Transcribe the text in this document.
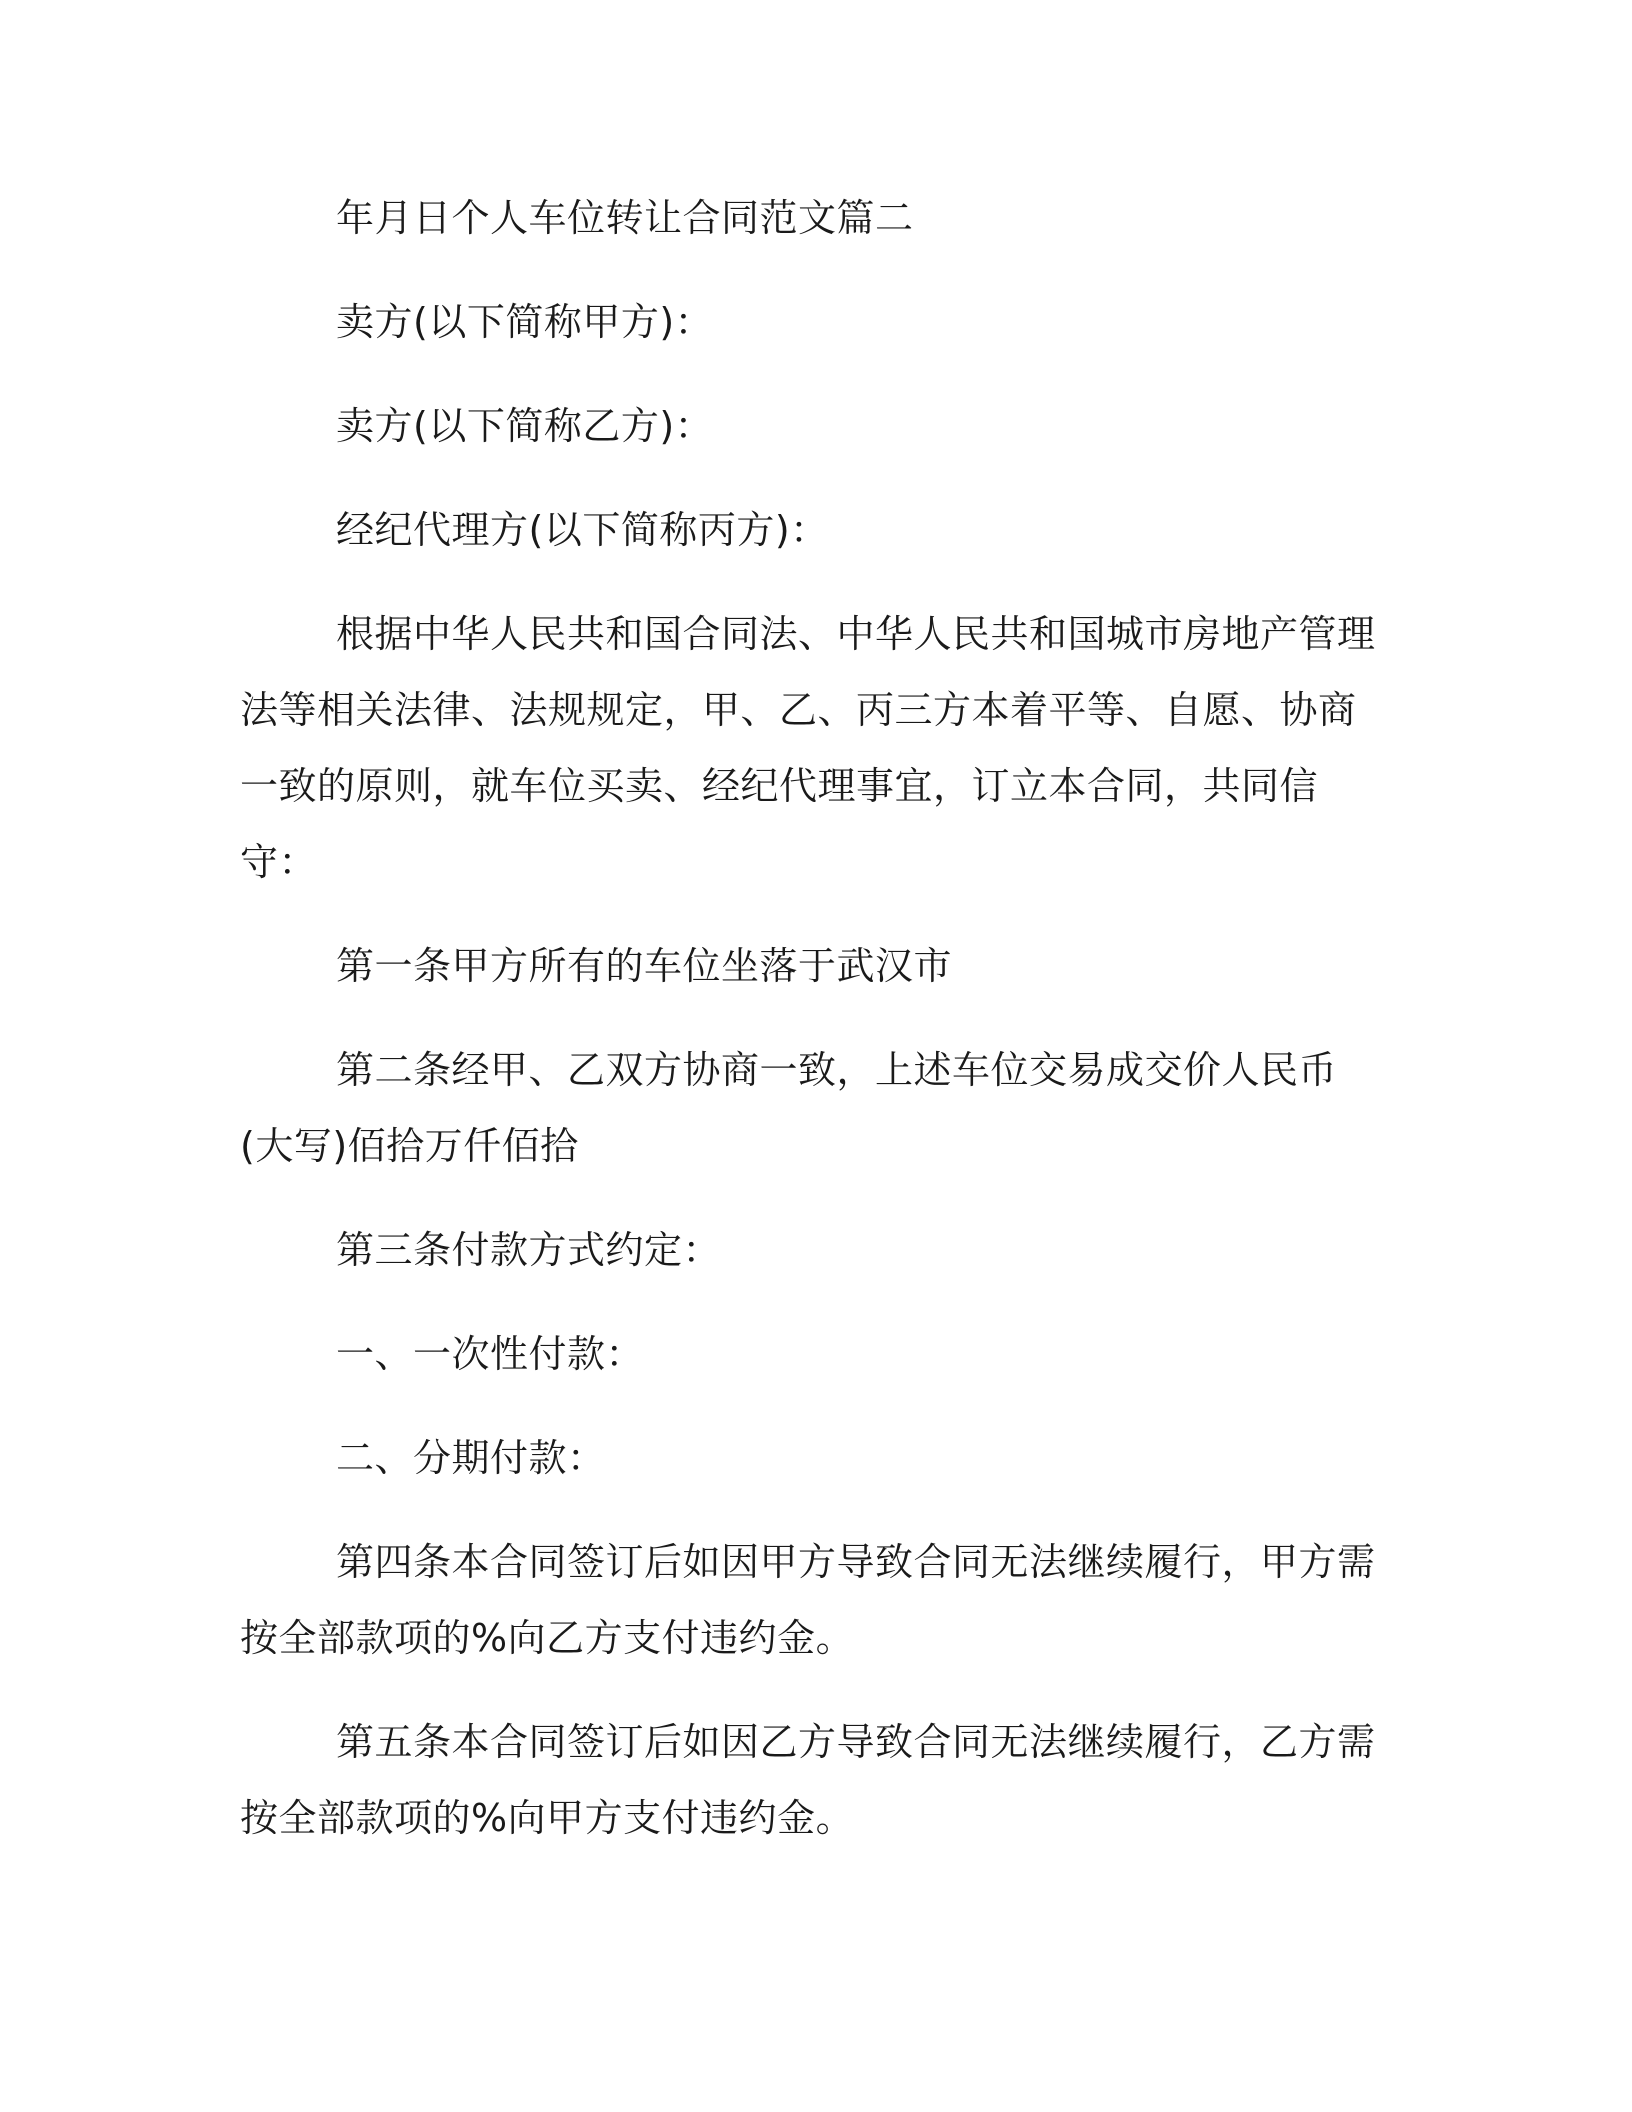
年月日个人车位转让合同范文篇二

卖方(以下简称甲方)：

卖方(以下简称乙方)：

经纪代理方(以下简称丙方)：

根据中华人民共和国合同法、中华人民共和国城市房地产管理法等相关法律、法规规定，甲、乙、丙三方本着平等、自愿、协商一致的原则，就车位买卖、经纪代理事宜，订立本合同，共同信守：

第一条甲方所有的车位坐落于武汉市

第二条经甲、乙双方协商一致，上述车位交易成交价人民币(大写)佰拾万仟佰拾

第三条付款方式约定：

一、一次性付款：

二、分期付款：

第四条本合同签订后如因甲方导致合同无法继续履行，甲方需按全部款项的%向乙方支付违约金。

第五条本合同签订后如因乙方导致合同无法继续履行，乙方需按全部款项的%向甲方支付违约金。
